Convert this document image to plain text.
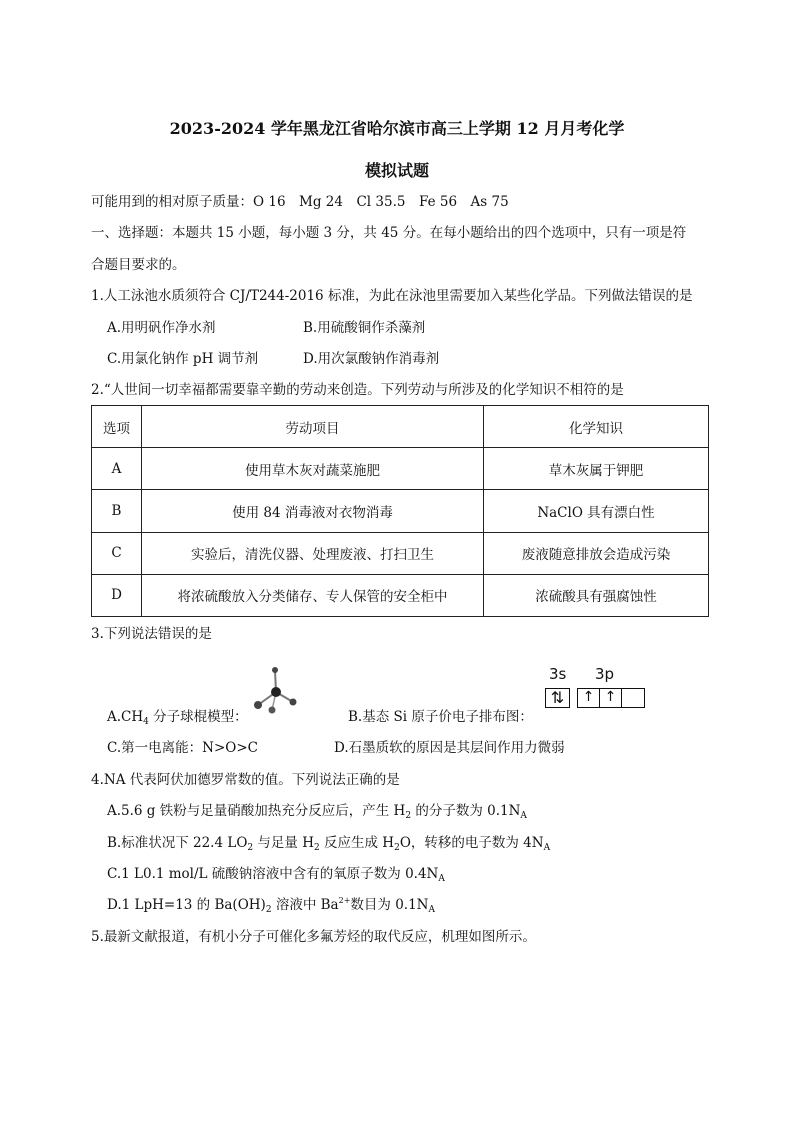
2023-2024 学年黑龙江省哈尔滨市高三上学期 12 月月考化学
模拟试题
可能用到的相对原子质量：O 16　Mg 24　Cl 35.5　Fe 56　As 75
一、选择题：本题共 15 小题，每小题 3 分，共 45 分。在每小题给出的四个选项中，只有一项是符
合题目要求的。
1.人工泳池水质须符合 CJ/T244-2016 标准，为此在泳池里需要加入某些化学品。下列做法错误的是
A.用明矾作净水剂	B.用硫酸铜作杀藻剂
C.用氯化钠作 pH 调节剂	D.用次氯酸钠作消毒剂
2.“人世间一切幸福都需要靠辛勤的劳动来创造。下列劳动与所涉及的化学知识不相符的是
选项	劳动项目	化学知识
A	使用草木灰对蔬菜施肥	草木灰属于钾肥
B	使用 84 消毒液对衣物消毒	NaClO 具有漂白性
C	实验后，清洗仪器、处理废液、打扫卫生	废液随意排放会造成污染
D	将浓硫酸放入分类储存、专人保管的安全柜中	浓硫酸具有强腐蚀性
3.下列说法错误的是
$A.CH_4$ 分子球棍模型：	B.基态 Si 原子价电子排布图：
3s 3p
⇅	↑ ↑
C.第一电离能：N>O>C	D.石墨质软的原因是其层间作用力微弱
4.NA 代表阿伏加德罗常数的值。下列说法正确的是
A.5.6 g 铁粉与足量硝酸加热充分反应后，产生 $H_2$ 的分子数为 $0.1N_A$
B.标准状况下 22.4 $LO_2$ 与足量 $H_2$ 反应生成 $H_2O$，转移的电子数为 $4N_A$
C.1 L0.1 mol/L 硫酸钠溶液中含有的氧原子数为 $0.4N_A$
D.1 LpH=13 的 $Ba(OH)_2$ 溶液中 $Ba^{2+}$数目为 $0.1N_A$
5.最新文献报道，有机小分子可催化多氟芳烃的取代反应，机理如图所示。
